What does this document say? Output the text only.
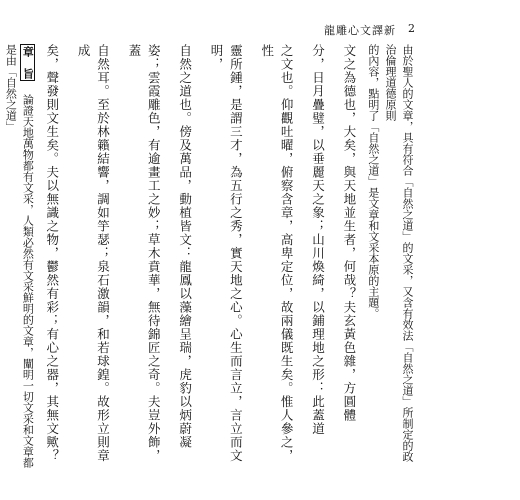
龍雕心文譯新 2

由於聖人的文章，具有符合「自然之道」的文采，又含有效法「自然之道」所制定的政治倫理道德原則

的內容，點明了「自然之道」是文章和文采本原的主題。

文之為德也，大矣，與天地並生者，何哉？夫玄黃色雜，方圓體

分，日月疊璧，以垂麗天之象；山川煥綺，以鋪理地之形：此蓋道

之文也。仰觀吐曜，俯察含章，高卑定位，故兩儀既生矣。惟人參之，性

靈所鍾，是謂三才，為五行之秀，實天地之心。心生而言立，言立而文明，

自然之道也。傍及萬品，動植皆文：龍鳳以藻繪呈瑞，虎豹以炳蔚凝

姿；雲霞雕色，有逾畫工之妙；草木賁華，無待錦匠之奇。夫豈外飾，蓋

自然耳。至於林籟結響，調如竽瑟；泉石激韻，和若球鍠。故形立則章成

矣，聲發則文生矣。夫以無識之物，鬱然有彩；有心之器，其無文歟？

章　旨 論證天地萬物都有文采，人類必然有文采鮮明的文章，闡明一切文采和文章都是由「自然之道」
